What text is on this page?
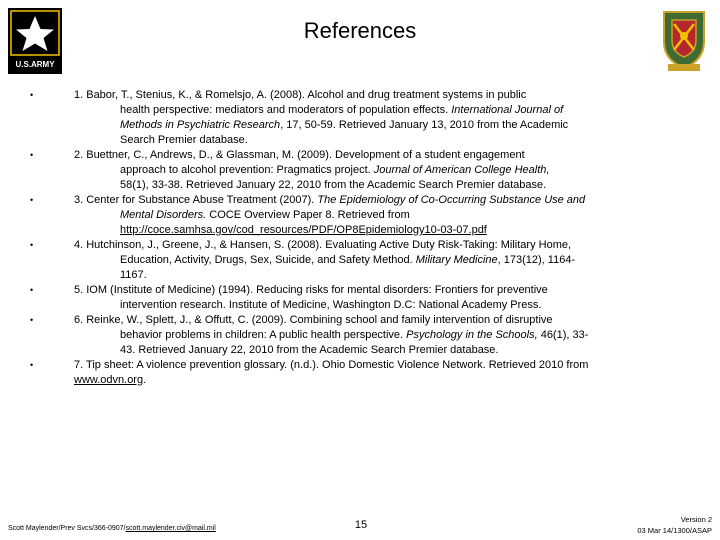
U.S.ARMY
References
•	1. Babor, T., Stenius, K., & Romelsjo, A. (2008). Alcohol and drug treatment systems in public
health perspective: mediators and moderators of population effects. International Journal of
Methods in Psychiatric Research, 17, 50-59. Retrieved January 13, 2010 from the Academic
Search Premier database.
•	2. Buettner, C., Andrews, D., & Glassman, M. (2009). Development of a student engagement
approach to alcohol prevention: Pragmatics project. Journal of American College Health,
58(1), 33-38. Retrieved January 22, 2010 from the Academic Search Premier database.
•	3. Center for Substance Abuse Treatment (2007). The Epidemiology of Co-Occurring Substance Use and
Mental Disorders. COCE Overview Paper 8. Retrieved from
http://coce.samhsa.gov/cod_resources/PDF/OP8Epidemiology10-03-07.pdf
•	4. Hutchinson, J., Greene, J., & Hansen, S. (2008). Evaluating Active Duty Risk-Taking: Military Home,
Education, Activity, Drugs, Sex, Suicide, and Safety Method. Military Medicine, 173(12), 1164-
1167.
•	5. IOM (Institute of Medicine) (1994). Reducing risks for mental disorders: Frontiers for preventive
intervention research. Institute of Medicine, Washington D.C: National Academy Press.
•	6. Reinke, W., Splett, J., & Offutt, C. (2009). Combining school and family intervention of disruptive
behavior problems in children: A public health perspective. Psychology in the Schools, 46(1), 33-
43. Retrieved January 22, 2010 from the Academic Search Premier database.
•	7. Tip sheet: A violence prevention glossary. (n.d.). Ohio Domestic Violence Network. Retrieved 2010 from
www.odvn.org.
Scott Maylender/Prev Svcs/366-0907/scott.maylender.civ@mail.mil	15	Version 2
03 Mar 14/1300/ASAP
